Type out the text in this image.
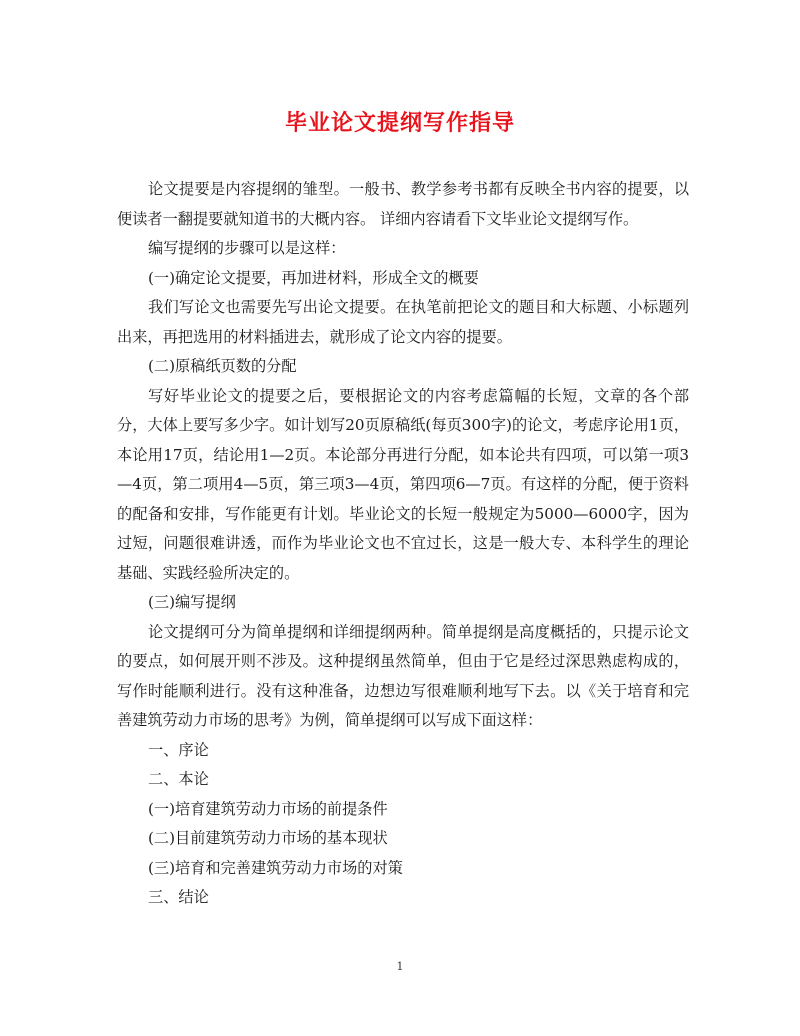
毕业论文提纲写作指导

论文提要是内容提纲的雏型。一般书、教学参考书都有反映全书内容的提要，以便读者一翻提要就知道书的大概内容。 详细内容请看下文毕业论文提纲写作。

编写提纲的步骤可以是这样：

(一)确定论文提要，再加进材料，形成全文的概要

我们写论文也需要先写出论文提要。在执笔前把论文的题目和大标题、小标题列出来，再把选用的材料插进去，就形成了论文内容的提要。

(二)原稿纸页数的分配

写好毕业论文的提要之后，要根据论文的内容考虑篇幅的长短，文章的各个部分，大体上要写多少字。如计划写20页原稿纸(每页300字)的论文，考虑序论用1页，本论用17页，结论用1—2页。本论部分再进行分配，如本论共有四项，可以第一项3—4页，第二项用4—5页，第三项3—4页，第四项6—7页。有这样的分配，便于资料的配备和安排，写作能更有计划。毕业论文的长短一般规定为5000—6000字，因为过短，问题很难讲透，而作为毕业论文也不宜过长，这是一般大专、本科学生的理论基础、实践经验所决定的。

(三)编写提纲

论文提纲可分为简单提纲和详细提纲两种。简单提纲是高度概括的，只提示论文的要点，如何展开则不涉及。这种提纲虽然简单，但由于它是经过深思熟虑构成的，写作时能顺利进行。没有这种准备，边想边写很难顺利地写下去。以《关于培育和完善建筑劳动力市场的思考》为例，简单提纲可以写成下面这样：

一、序论

二、本论

(一)培育建筑劳动力市场的前提条件

(二)目前建筑劳动力市场的基本现状

(三)培育和完善建筑劳动力市场的对策

三、结论

1
